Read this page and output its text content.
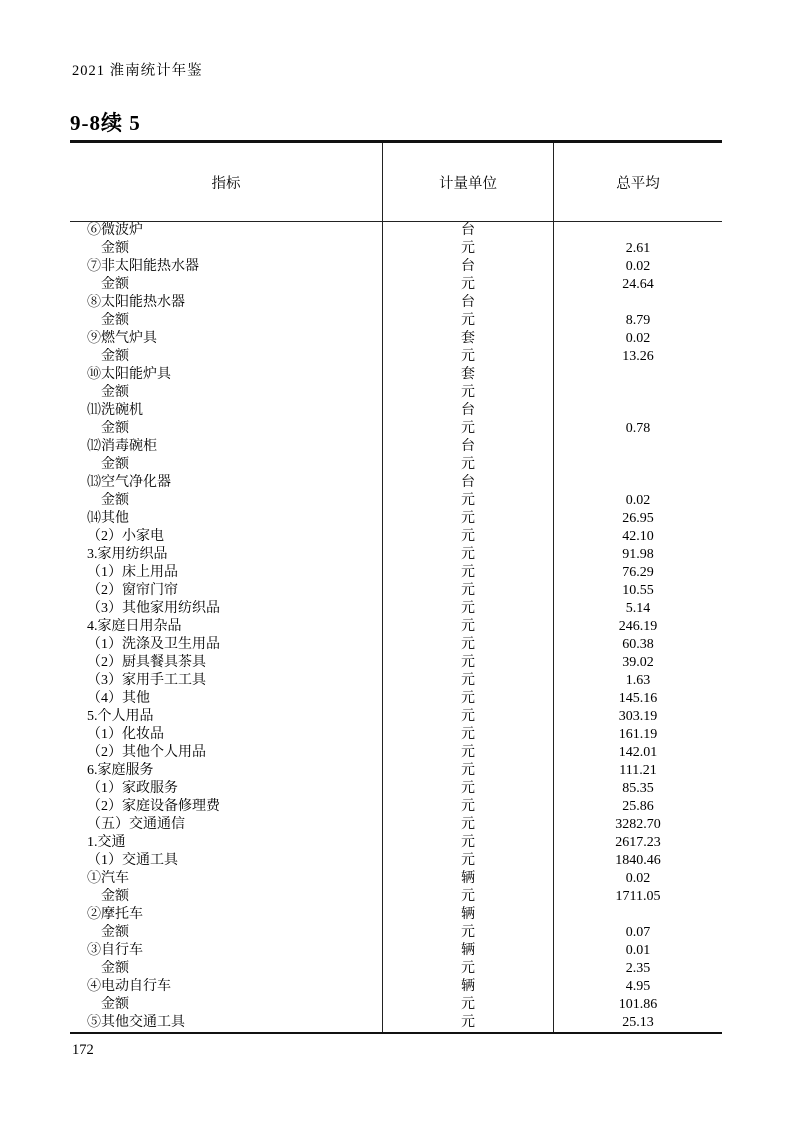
2021 淮南统计年鉴
9-8续 5
指标	计量单位	总平均
⑥微波炉	台
金额	元	2.61
⑦非太阳能热水器	台	0.02
金额	元	24.64
⑧太阳能热水器	台
金额	元	8.79
⑨燃气炉具	套	0.02
金额	元	13.26
⑩太阳能炉具	套
金额	元
⑾洗碗机	台
金额	元	0.78
⑿消毒碗柜	台
金额	元
⒀空气净化器	台
金额	元	0.02
⒁其他	元	26.95
（2）小家电	元	42.10
3.家用纺织品	元	91.98
（1）床上用品	元	76.29
（2）窗帘门帘	元	10.55
（3）其他家用纺织品	元	5.14
4.家庭日用杂品	元	246.19
（1）洗涤及卫生用品	元	60.38
（2）厨具餐具茶具	元	39.02
（3）家用手工工具	元	1.63
（4）其他	元	145.16
5.个人用品	元	303.19
（1）化妆品	元	161.19
（2）其他个人用品	元	142.01
6.家庭服务	元	111.21
（1）家政服务	元	85.35
（2）家庭设备修理费	元	25.86
（五）交通通信	元	3282.70
1.交通	元	2617.23
（1）交通工具	元	1840.46
①汽车	辆	0.02
金额	元	1711.05
②摩托车	辆
金额	元	0.07
③自行车	辆	0.01
金额	元	2.35
④电动自行车	辆	4.95
金额	元	101.86
⑤其他交通工具	元	25.13
172
